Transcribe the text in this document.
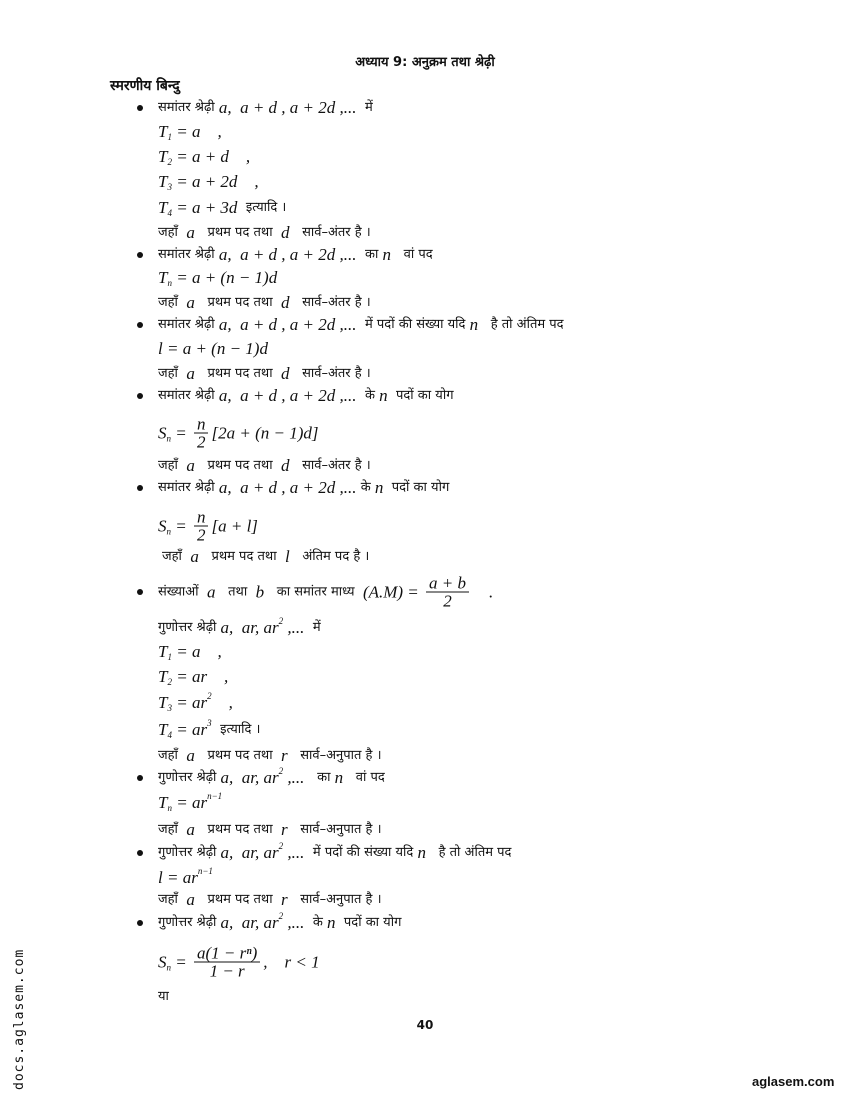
अध्याय 9: अनुक्रम तथा श्रेढ़ी
स्मरणीय बिन्दु
समांतर श्रेढ़ी a,  a + d , a + 2d ,... में
T 1 = a    ,
T 2 = a + d    ,
T 3 = a + 2d    ,
T 4 = a + 3d इत्यादि ।
जहाँ a प्रथम पद तथा d सार्व–अंतर है ।
समांतर श्रेढ़ी a,  a + d , a + 2d ,... का n वां पद
T n = a + (n − 1)d
जहाँ a प्रथम पद तथा d सार्व–अंतर है ।
समांतर श्रेढ़ी a,  a + d , a + 2d ,... में पदों की संख्या यदि n है तो अंतिम पद
l = a + (n − 1)d
जहाँ a प्रथम पद तथा d सार्व–अंतर है ।
समांतर श्रेढ़ी a,  a + d , a + 2d ,... के n पदों का योग
S $n = \frac{n}{2} [2a + (n - 1)d]$
जहाँ a प्रथम पद तथा d सार्व–अंतर है ।
समांतर श्रेढ़ी a,  a + d , a + 2d ,... के n पदों का योग
S $n = \frac{n}{2} [a + l]$
जहाँ a प्रथम पद तथा l अंतिम पद है ।
संख्याओं a तथा b का समांतर माध्य $(A.M) = \frac{a + b}{2}$ .
गुणोत्तर श्रेढ़ी a,  ar, ar 2 ,... में
T 1 = a    ,
T 2 = ar    ,
T 3 = ar 2 ,
T 4 = ar 3
इत्यादि ।
जहाँ a प्रथम पद तथा r सार्व–अनुपात है ।
गुणोत्तर श्रेढ़ी a,  ar, ar 2 ,... का n वां पद
T n = ar n−1
जहाँ a प्रथम पद तथा r सार्व–अनुपात है ।
गुणोत्तर श्रेढ़ी a,  ar, ar 2 ,... में पदों की संख्या यदि n है तो अंतिम पद
l = ar n−1
जहाँ a प्रथम पद तथा r सार्व–अनुपात है ।
गुणोत्तर श्रेढ़ी a,  ar, ar 2 ,... के n पदों का योग
S $n = \frac{\text{a(1 − rⁿ)}}{1 - r}$ ,    r < 1
या
40
docs.aglasem.com	aglasem.com
